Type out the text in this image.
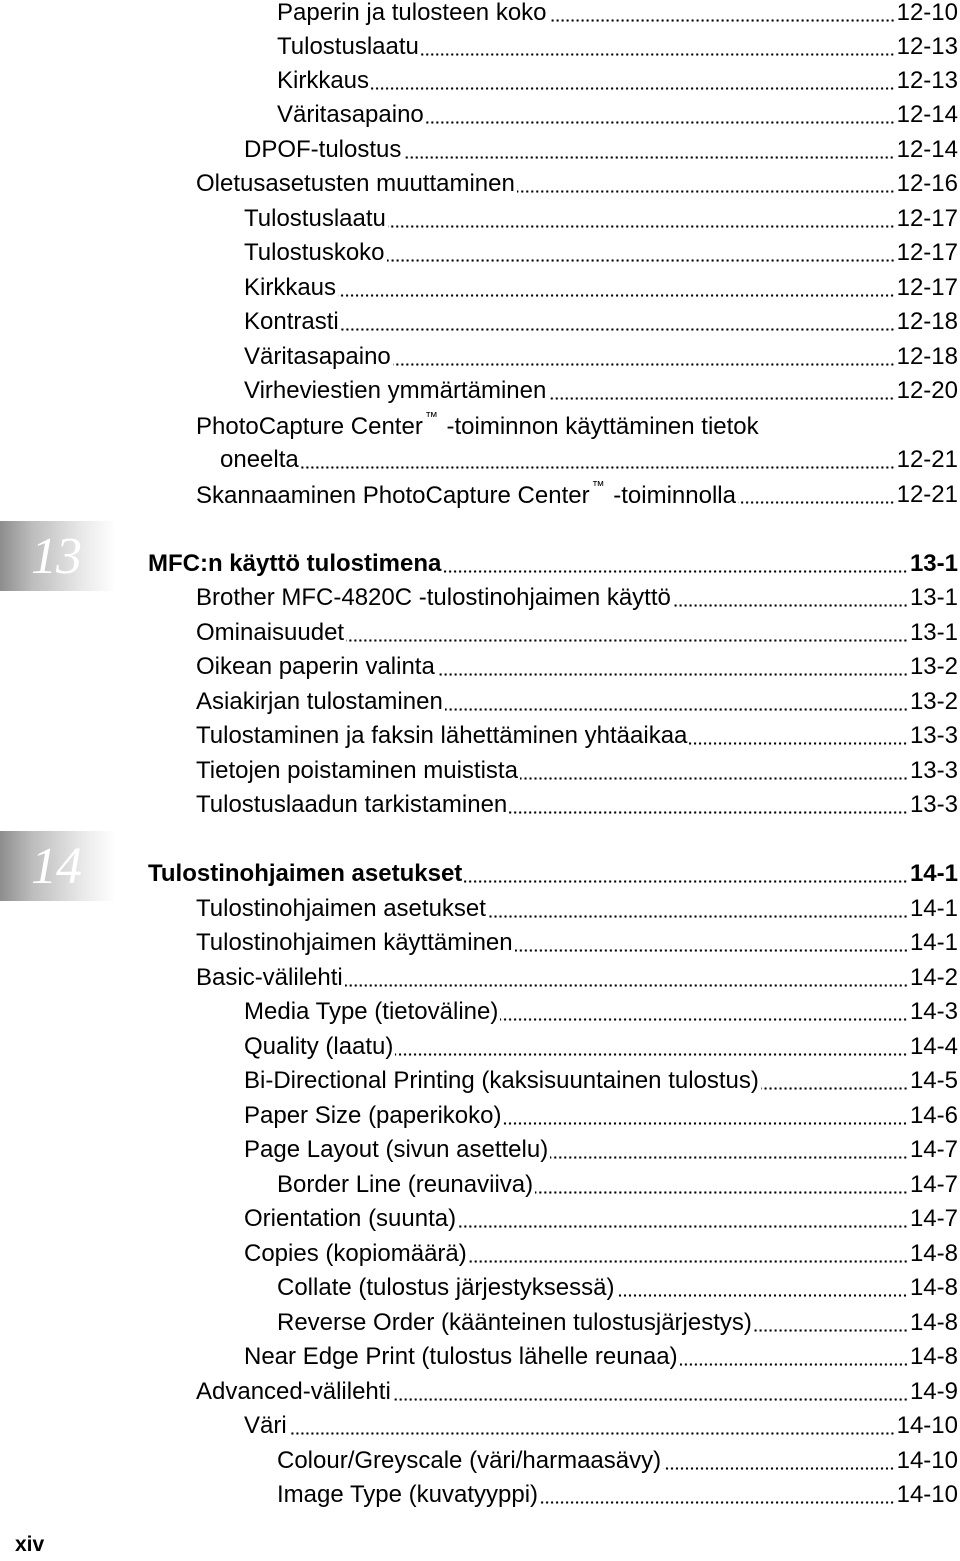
13
14
Paperin ja tulosteen koko	12-10
Tulostuslaatu	12-13
Kirkkaus	12-13
Väritasapaino	12-14
DPOF-tulostus	12-14
Oletusasetusten muuttaminen	12-16
Tulostuslaatu	12-17
Tulostuskoko	12-17
Kirkkaus	12-17
Kontrasti	12-18
Väritasapaino	12-18
Virheviestien ymmärtäminen	12-20
PhotoCapture Center ™ -toiminnon käyttäminen tietok
oneelta	12-21
Skannaaminen PhotoCapture Center ™ -toiminnolla	12-21
MFC:n käyttö tulostimena	13-1
Brother MFC-4820C -tulostinohjaimen käyttö	13-1
Ominaisuudet	13-1
Oikean paperin valinta	13-2
Asiakirjan tulostaminen	13-2
Tulostaminen ja faksin lähettäminen yhtäaikaa	13-3
Tietojen poistaminen muistista	13-3
Tulostuslaadun tarkistaminen	13-3
Tulostinohjaimen asetukset	14-1
Tulostinohjaimen asetukset	14-1
Tulostinohjaimen käyttäminen	14-1
Basic-välilehti	14-2
Media Type (tietoväline)	14-3
Quality (laatu)	14-4
Bi-Directional Printing (kaksisuuntainen tulostus)	14-5
Paper Size (paperikoko)	14-6
Page Layout (sivun asettelu)	14-7
Border Line (reunaviiva)	14-7
Orientation (suunta)	14-7
Copies (kopiomäärä)	14-8
Collate (tulostus järjestyksessä)	14-8
Reverse Order (käänteinen tulostusjärjestys)	14-8
Near Edge Print (tulostus lähelle reunaa)	14-8
Advanced-välilehti	14-9
Väri	14-10
Colour/Greyscale (väri/harmaasävy)	14-10
Image Type (kuvatyyppi)	14-10
xiv
